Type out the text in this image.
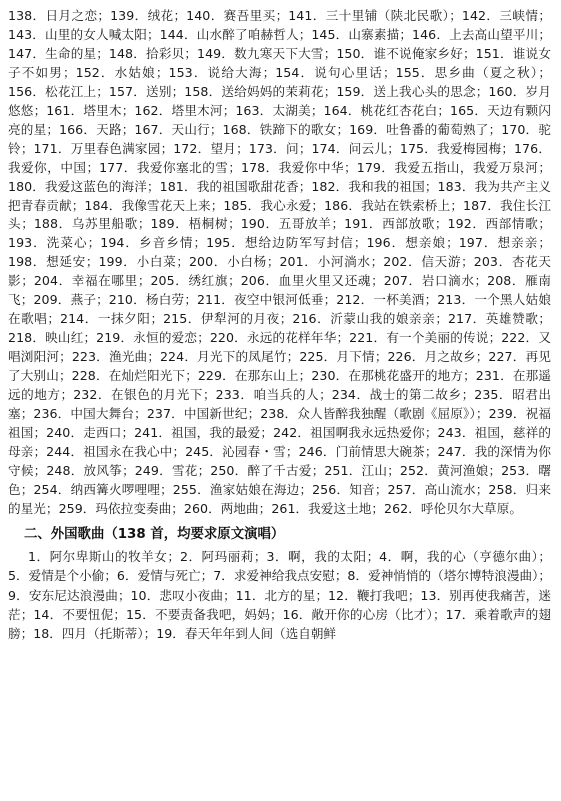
138．日月之恋；139．绒花；140．赛吾里买；141．三十里铺（陕北民歌）；142．三峡情；143．山里的女人喊太阳；144．山水醉了咱赫哲人；145．山寨素描；146．上去高山望平川；147．生命的星；148．拾彩贝；149．数九寒天下大雪；150．谁不说俺家乡好；151．谁说女子不如男；152．水姑娘；153．说给大海；154．说句心里话；155．思乡曲（夏之秋）；156．松花江上；157．送别；158．送给妈妈的茉莉花；159．送上我心头的思念；160．岁月悠悠；161．塔里木；162．塔里木河；163．太湖美；164．桃花红杏花白；165．天边有颗闪亮的星；166．天路；167．天山行；168．铁蹄下的歌女；169．吐鲁番的葡萄熟了；170．驼铃；171．万里春色满家园；172．望月；173．问；174．问云儿；175．我爱梅园梅；176．我爱你，中国；177．我爱你塞北的雪；178．我爱你中华；179．我爱五指山，我爱万泉河；180．我爱这蓝色的海洋；181．我的祖国歌甜花香；182．我和我的祖国；183．我为共产主义把青春贡献；184．我像雪花天上来；185．我心永爱；186．我站在铁索桥上；187．我住长江头；188．乌苏里船歌；189．梧桐树；190．五哥放羊；191．西部放歌；192．西部情歌；193．洗菜心；194．乡音乡情；195．想给边防军写封信；196．想亲娘；197．想亲亲；198．想延安；199．小白菜；200．小白杨；201．小河淌水；202．信天游；203．杏花天影；204．幸福在哪里；205．绣红旗；206．血里火里又还魂；207．岩口滴水；208．雁南飞；209．燕子；210．杨白劳；211．夜空中银河低垂；212．一杯美酒；213．一个黑人姑娘在歌唱；214．一抹夕阳；215．伊犁河的月夜；216．沂蒙山我的娘亲亲；217．英雄赞歌；218．映山红；219．永恒的爱恋；220．永远的花样年华；221．有一个美丽的传说；222．又唱浏阳河；223．渔光曲；224．月光下的凤尾竹；225．月下情；226．月之故乡；227．再见了大别山；228．在灿烂阳光下；229．在那东山上；230．在那桃花盛开的地方；231．在那遥远的地方；232．在银色的月光下；233．咱当兵的人；234．战士的第二故乡；235．昭君出塞；236．中国大舞台；237．中国新世纪；238．众人皆醉我独醒（歌剧《屈原》）；239．祝福祖国；240．走西口；241．祖国，我的最爱；242．祖国啊我永远热爱你；243．祖国，慈祥的母亲；244．祖国永在我心中；245．沁园春・雪；246．门前情思大碗茶；247．我的深情为你守候；248．放风筝；249．雪花；250．醉了千古爱；251．江山；252．黄河渔娘；253．曙色；254．纳西篝火啰哩哩；255．渔家姑娘在海边；256．知音；257．高山流水；258．归来的星光；259．玛依拉变奏曲；260．两地曲；261．我爱这土地；262．呼伦贝尔大草原。

二、外国歌曲（138 首，均要求原文演唱）

1．阿尔卑斯山的牧羊女；2．阿玛丽莉；3．啊，我的太阳；4．啊，我的心（亨德尔曲）；5．爱情是个小偷；6．爱情与死亡；7．求爱神给我点安慰；8．爱神悄悄的（塔尔博特浪漫曲）；9．安东尼达浪漫曲；10．悲叹小夜曲；11．北方的星；12．鞭打我吧；13．别再使我痛苦，迷茫；14．不要忸伲；15．不要责备我吧，妈妈；16．敞开你的心房（比才）；17．乘着歌声的翅膀；18．四月（托斯蒂）；19．春天年年到人间（选自朝鲜
